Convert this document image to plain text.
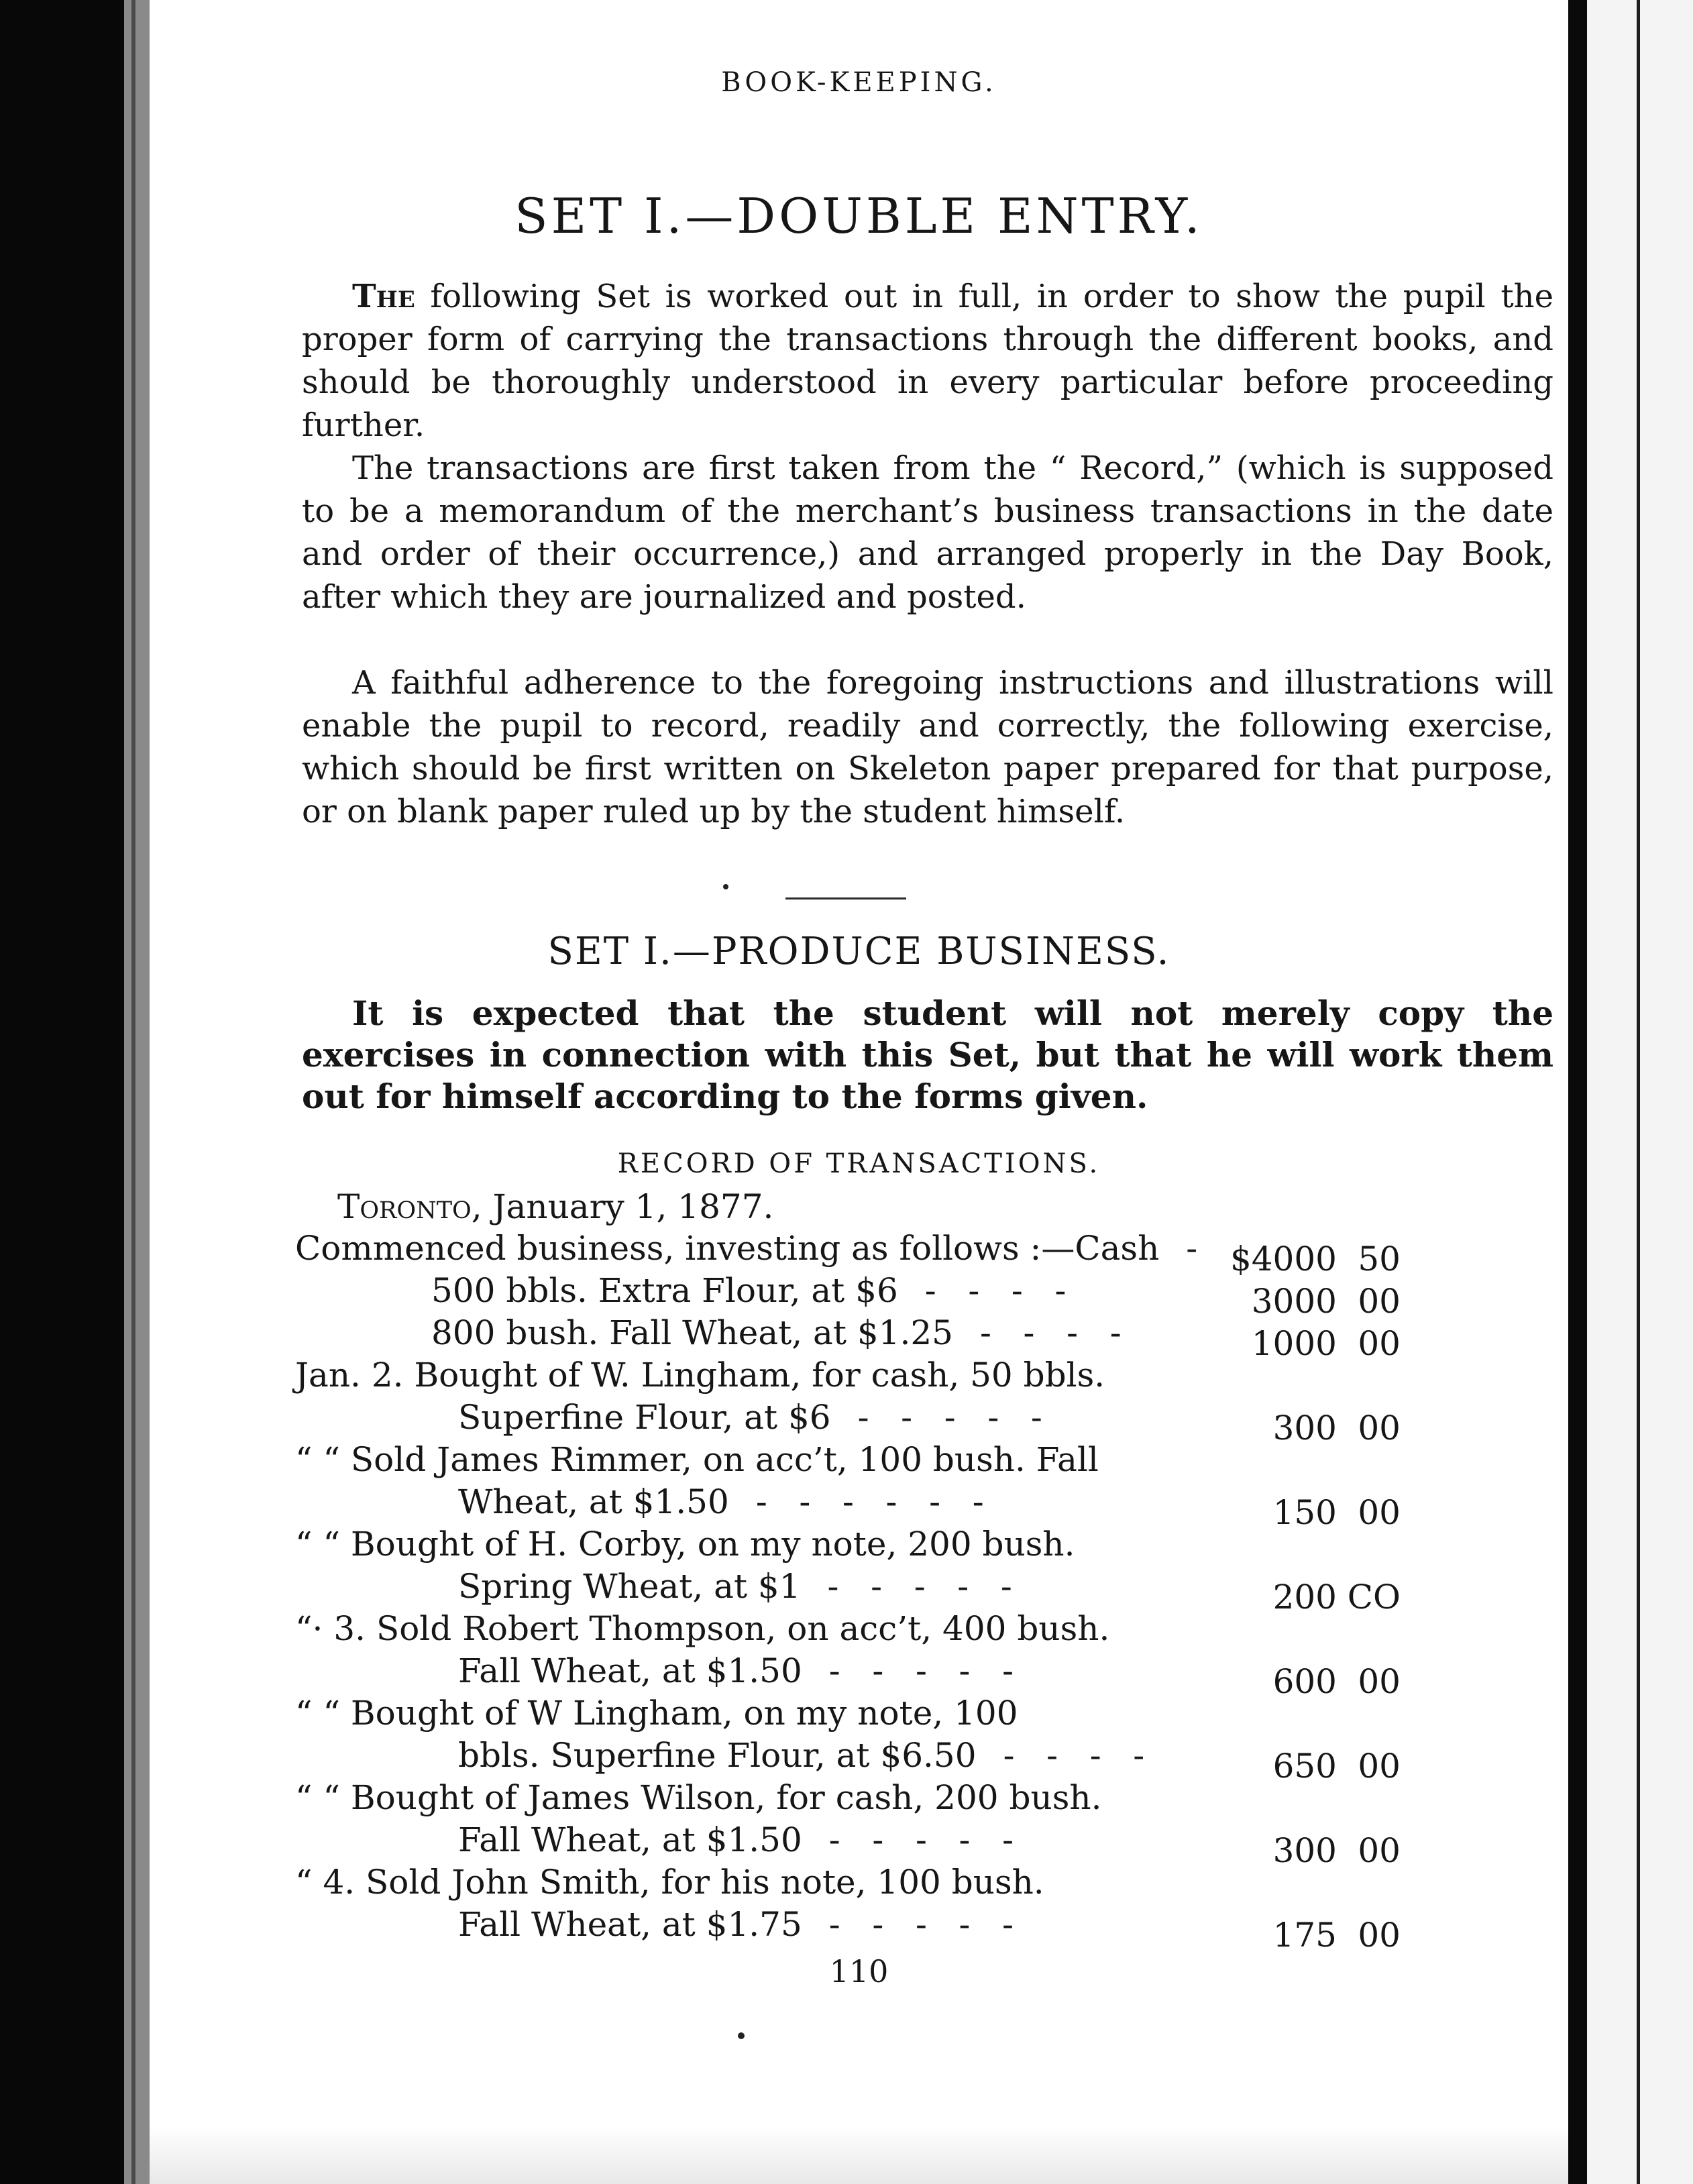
BOOK-KEEPING.
SET I.—DOUBLE ENTRY.

The following Set is worked out in full, in order to show the pupil the proper form of carrying the transactions through the different books, and should be thoroughly understood in every particular before proceeding further.

The transactions are first taken from the “ Record,” (which is supposed to be a memorandum of the merchant’s business transactions in the date and order of their occurrence,) and arranged properly in the Day Book, after which they are journalized and posted.

A faithful adherence to the foregoing instructions and illustrations will enable the pupil to record, readily and correctly, the following exercise, which should be first written on Skeleton paper prepared for that purpose, or on blank paper ruled up by the student himself.

SET I.—PRODUCE BUSINESS.

It is expected that the student will not merely copy the exercises in connection with this Set, but that he will work them out for himself according to the forms given.

RECORD OF TRANSACTIONS.
Toronto, January 1, 1877.
Commenced business, investing as follows :—Cash - $4000 50
500 bbls. Extra Flour, at $6 -   -   -   -	3000 00
800 bush. Fall Wheat, at $1.25 -   -   -   -	1000 00
Jan. 2. Bought of W. Lingham, for cash, 50 bbls.
Superfine Flour, at $6 -   -   -   -   -	300 00
“ “ Sold James Rimmer, on acc’t, 100 bush. Fall
Wheat, at $1.50 -   -   -   -   -   -	150 00
“ “ Bought of H. Corby, on my note, 200 bush.
Spring Wheat, at $1 -   -   -   -   -	200 CO
“· 3. Sold Robert Thompson, on acc’t, 400 bush.
Fall Wheat, at $1.50 -   -   -   -   -	600 00
“ “ Bought of W Lingham, on my note, 100
bbls. Superfine Flour, at $6.50 -   -   -   -	650 00
“ “ Bought of James Wilson, for cash, 200 bush.
Fall Wheat, at $1.50 -   -   -   -   -	300 00
“ 4. Sold John Smith, for his note, 100 bush.
Fall Wheat, at $1.75 -   -   -   -   -	175 00
110
